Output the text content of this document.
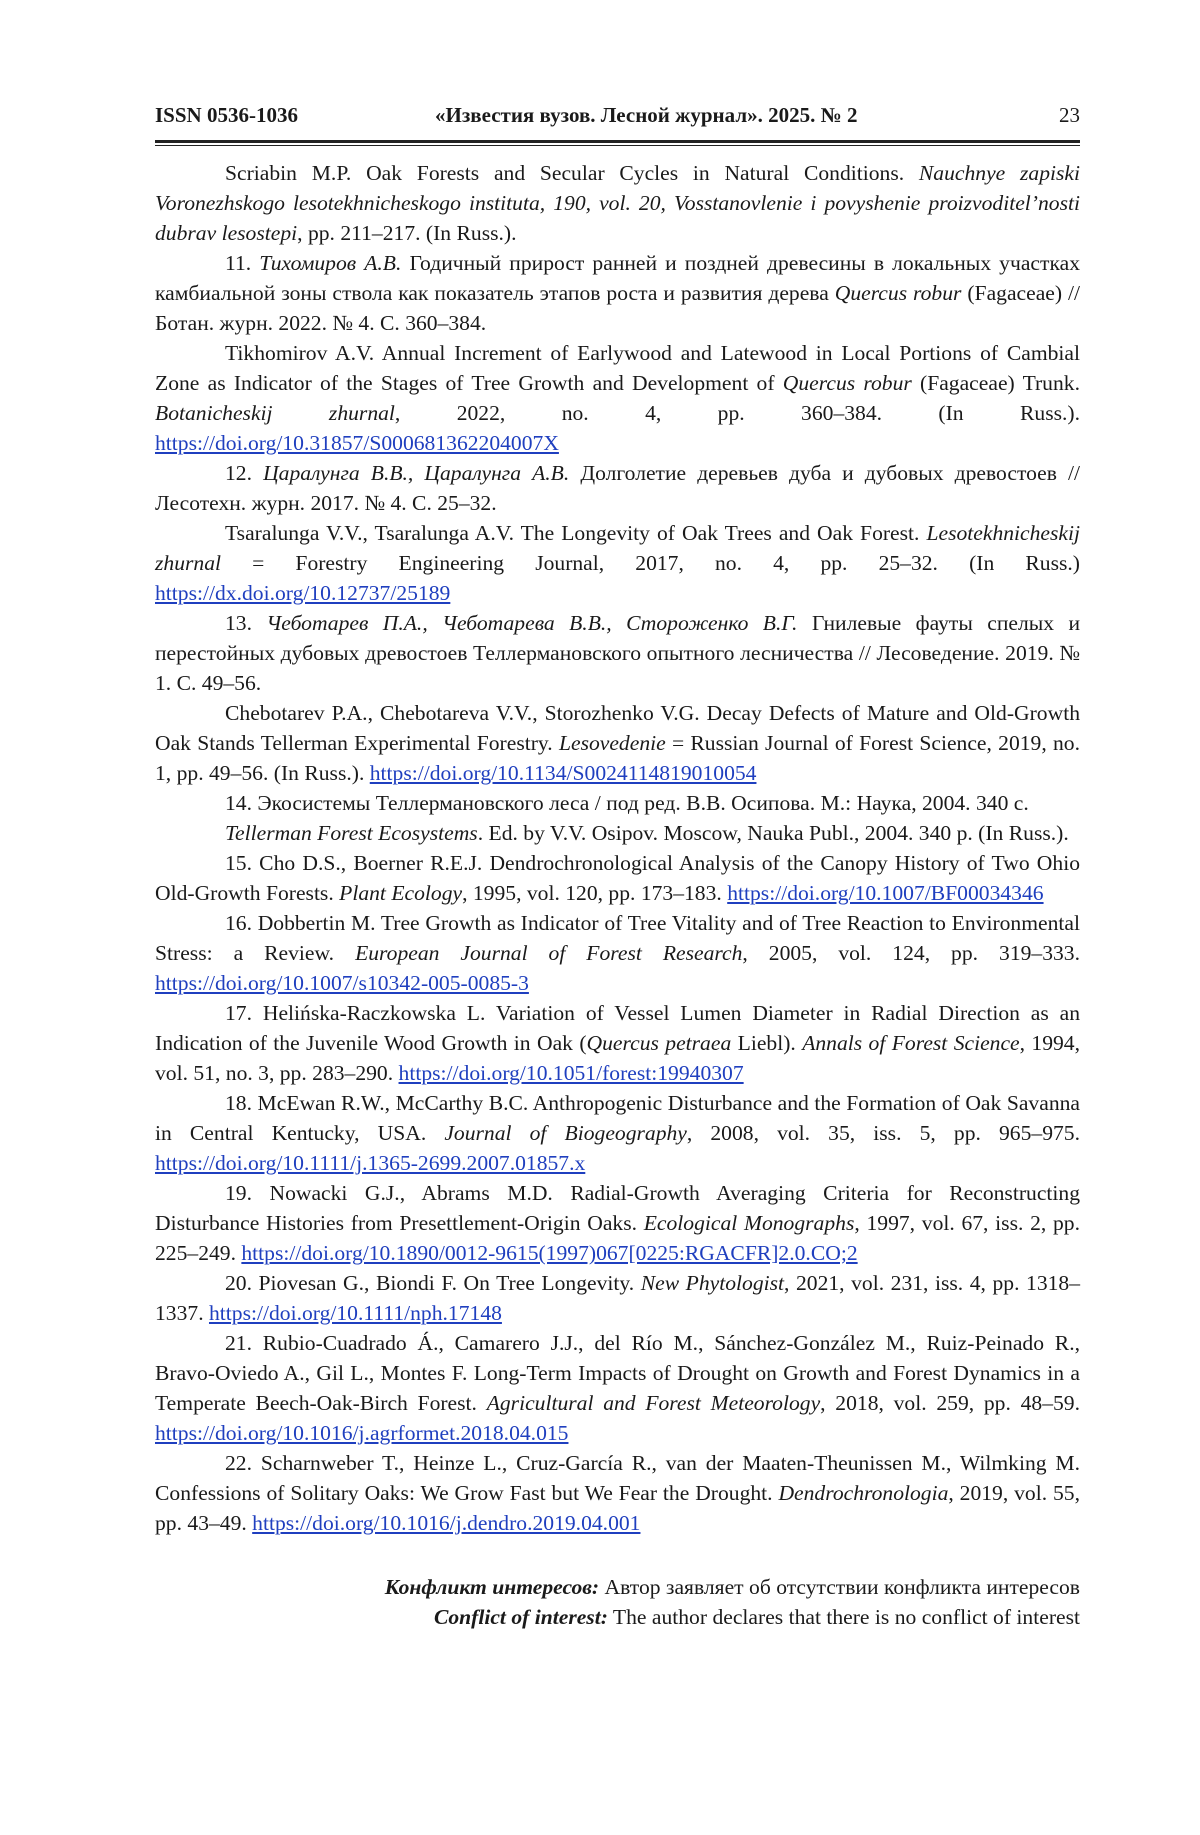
ISSN 0536-1036	«Известия вузов. Лесной журнал». 2025. № 2	23

Scriabin M.P. Oak Forests and Secular Cycles in Natural Conditions. Nauchnye zapiski Voronezhskogo lesotekhnicheskogo instituta, 190, vol. 20, Vosstanovlenie i povyshenie proizvoditel’nosti dubrav lesostepi, pp. 211–217. (In Russ.).

11. Тихомиров А.В. Годичный прирост ранней и поздней древесины в локальных участках камбиальной зоны ствола как показатель этапов роста и развития дерева Quercus robur (Fagaceae) // Ботан. журн. 2022. № 4. С. 360–384.

Tikhomirov A.V. Annual Increment of Earlywood and Latewood in Local Portions of Cambial Zone as Indicator of the Stages of Tree Growth and Development of Quercus robur (Fagaceae) Trunk. Botanicheskij zhurnal, 2022, no. 4, pp. 360–384. (In Russ.). https://doi.org/10.31857/S000681362204007X

12. Царалунга В.В., Царалунга А.В. Долголетие деревьев дуба и дубовых древостоев // Лесотехн. журн. 2017. № 4. С. 25–32.

Tsaralunga V.V., Tsaralunga A.V. The Longevity of Oak Trees and Oak Forest. Lesotekhnicheskij zhurnal = Forestry Engineering Journal, 2017, no. 4, pp. 25–32. (In Russ.) https://dx.doi.org/10.12737/25189

13. Чеботарев П.А., Чеботарева В.В., Стороженко В.Г. Гнилевые фауты спелых и перестойных дубовых древостоев Теллермановского опытного лесничества // Лесоведение. 2019. № 1. С. 49–56.

Chebotarev P.A., Chebotareva V.V., Storozhenko V.G. Decay Defects of Mature and Old-Growth Oak Stands Tellerman Experimental Forestry. Lesovedenie = Russian Journal of Forest Science, 2019, no. 1, pp. 49–56. (In Russ.). https://doi.org/10.1134/S0024114819010054

14. Экосистемы Теллермановского леса / под ред. В.В. Осипова. М.: Наука, 2004. 340 с.

Tellerman Forest Ecosystems. Ed. by V.V. Osipov. Moscow, Nauka Publ., 2004. 340 p. (In Russ.).

15. Cho D.S., Boerner R.E.J. Dendrochronological Analysis of the Canopy History of Two Ohio Old-Growth Forests. Plant Ecology, 1995, vol. 120, pp. 173–183. https://doi.org/10.1007/BF00034346

16. Dobbertin M. Tree Growth as Indicator of Tree Vitality and of Tree Reaction to Environmental Stress: a Review. European Journal of Forest Research, 2005, vol. 124, pp. 319–333. https://doi.org/10.1007/s10342-005-0085-3

17. Helińska-Raczkowska L. Variation of Vessel Lumen Diameter in Radial Direction as an Indication of the Juvenile Wood Growth in Oak (Quercus petraea Liebl). Annals of Forest Science, 1994, vol. 51, no. 3, pp. 283–290. https://doi.org/10.1051/forest:19940307

18. McEwan R.W., McCarthy B.C. Anthropogenic Disturbance and the Formation of Oak Savanna in Central Kentucky, USA. Journal of Biogeography, 2008, vol. 35, iss. 5, pp. 965–975. https://doi.org/10.1111/j.1365-2699.2007.01857.x

19. Nowacki G.J., Abrams M.D. Radial-Growth Averaging Criteria for Reconstructing Disturbance Histories from Presettlement-Origin Oaks. Ecological Monographs, 1997, vol. 67, iss. 2, pp. 225–249. https://doi.org/10.1890/0012-9615(1997)067[0225:RGACFR]2.0.CO;2

20. Piovesan G., Biondi F. On Tree Longevity. New Phytologist, 2021, vol. 231, iss. 4, pp. 1318–1337. https://doi.org/10.1111/nph.17148

21. Rubio-Cuadrado Á., Camarero J.J., del Río M., Sánchez-González M., Ruiz-Peinado R., Bravo-Oviedo A., Gil L., Montes F. Long-Term Impacts of Drought on Growth and Forest Dynamics in a Temperate Beech-Oak-Birch Forest. Agricultural and Forest Meteorology, 2018, vol. 259, pp. 48–59. https://doi.org/10.1016/j.agrformet.2018.04.015

22. Scharnweber T., Heinze L., Cruz-García R., van der Maaten-Theunissen M., Wilmking M. Confessions of Solitary Oaks: We Grow Fast but We Fear the Drought. Dendrochronologia, 2019, vol. 55, pp. 43–49. https://doi.org/10.1016/j.dendro.2019.04.001

Конфликт интересов: Автор заявляет об отсутствии конфликта интересов
Conflict of interest: The author declares that there is no conflict of interest
